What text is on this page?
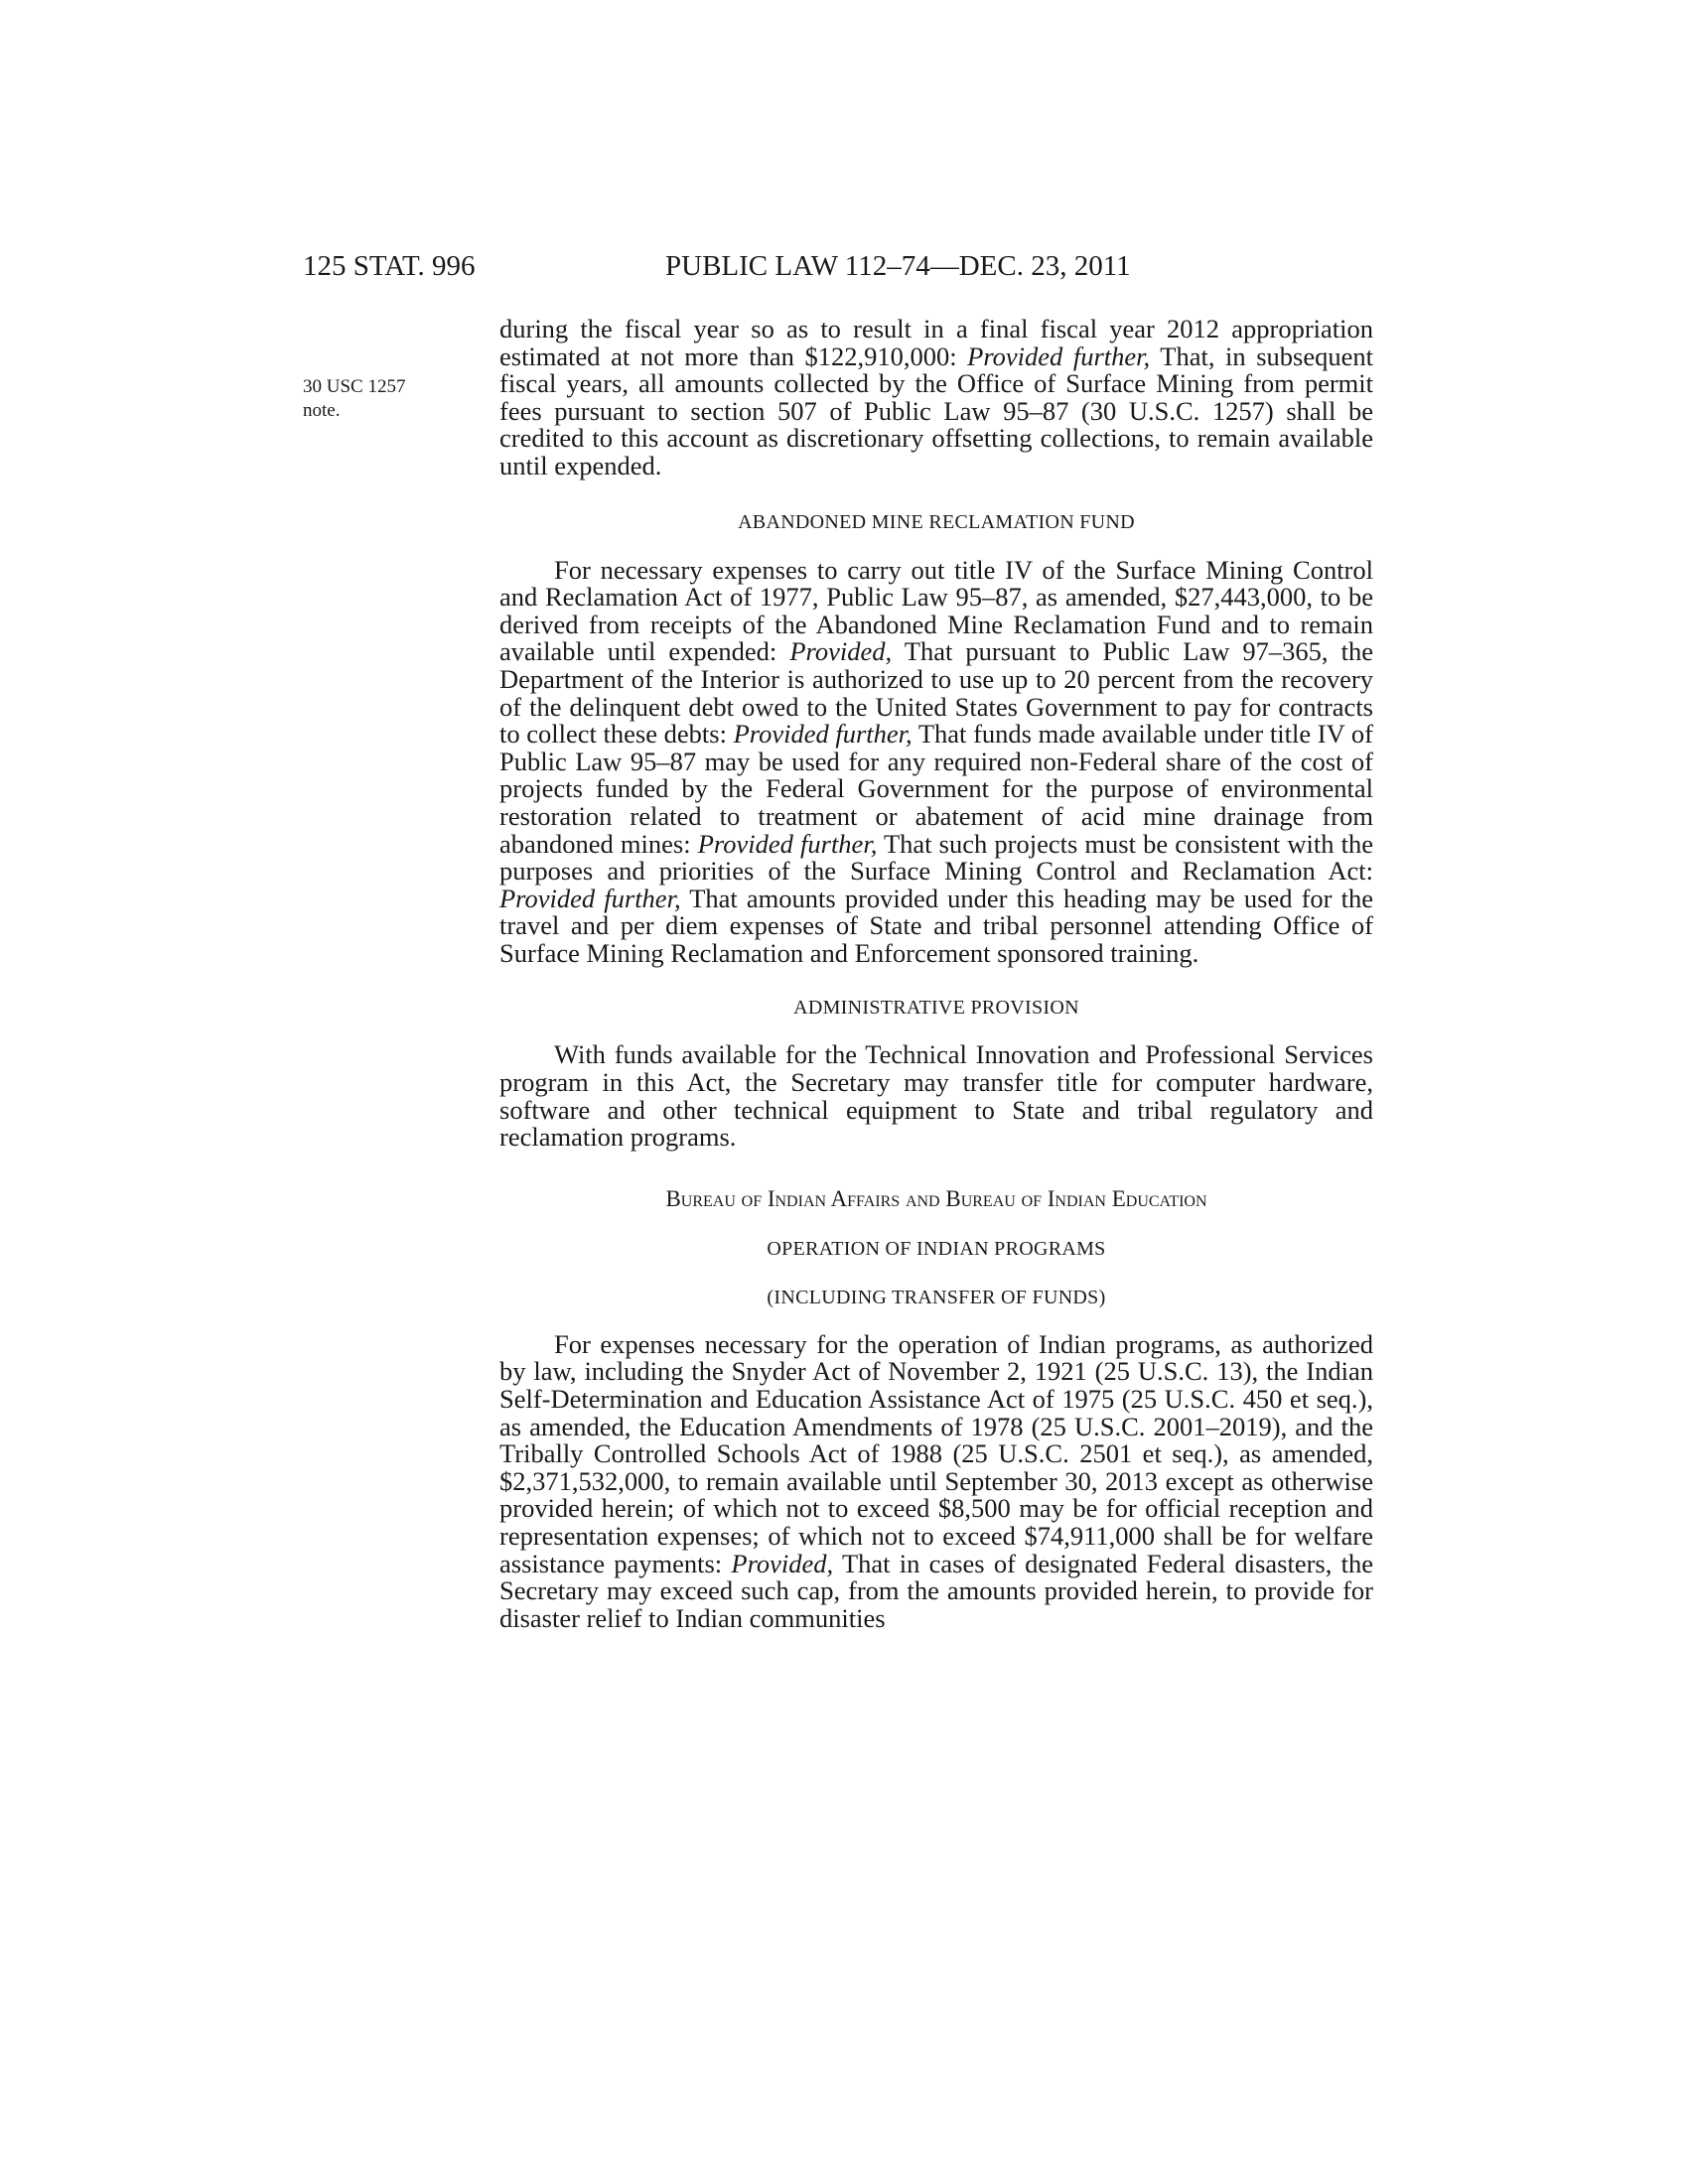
125 STAT. 996	PUBLIC LAW 112–74—DEC. 23, 2011
30 USC 1257
note.

during the fiscal year so as to result in a final fiscal year 2012 appropriation estimated at not more than $122,910,000: Provided further, That, in subsequent fiscal years, all amounts collected by the Office of Surface Mining from permit fees pursuant to section 507 of Public Law 95–87 (30 U.S.C. 1257) shall be credited to this account as discretionary offsetting collections, to remain available until expended.

ABANDONED MINE RECLAMATION FUND

For necessary expenses to carry out title IV of the Surface Mining Control and Reclamation Act of 1977, Public Law 95–87, as amended, $27,443,000, to be derived from receipts of the Abandoned Mine Reclamation Fund and to remain available until expended: Provided, That pursuant to Public Law 97–365, the Department of the Interior is authorized to use up to 20 percent from the recovery of the delinquent debt owed to the United States Government to pay for contracts to collect these debts: Provided further, That funds made available under title IV of Public Law 95–87 may be used for any required non-Federal share of the cost of projects funded by the Federal Government for the purpose of environmental restoration related to treatment or abatement of acid mine drainage from abandoned mines: Provided further, That such projects must be consistent with the purposes and priorities of the Surface Mining Control and Reclamation Act: Provided further, That amounts provided under this heading may be used for the travel and per diem expenses of State and tribal personnel attending Office of Surface Mining Reclamation and Enforcement sponsored training.

ADMINISTRATIVE PROVISION

With funds available for the Technical Innovation and Professional Services program in this Act, the Secretary may transfer title for computer hardware, software and other technical equipment to State and tribal regulatory and reclamation programs.

Bureau of Indian Affairs and Bureau of Indian Education

OPERATION OF INDIAN PROGRAMS

(INCLUDING TRANSFER OF FUNDS)

For expenses necessary for the operation of Indian programs, as authorized by law, including the Snyder Act of November 2, 1921 (25 U.S.C. 13), the Indian Self-Determination and Education Assistance Act of 1975 (25 U.S.C. 450 et seq.), as amended, the Education Amendments of 1978 (25 U.S.C. 2001–2019), and the Tribally Controlled Schools Act of 1988 (25 U.S.C. 2501 et seq.), as amended, $2,371,532,000, to remain available until September 30, 2013 except as otherwise provided herein; of which not to exceed $8,500 may be for official reception and representation expenses; of which not to exceed $74,911,000 shall be for welfare assistance payments: Provided, That in cases of designated Federal disasters, the Secretary may exceed such cap, from the amounts provided herein, to provide for disaster relief to Indian communities
